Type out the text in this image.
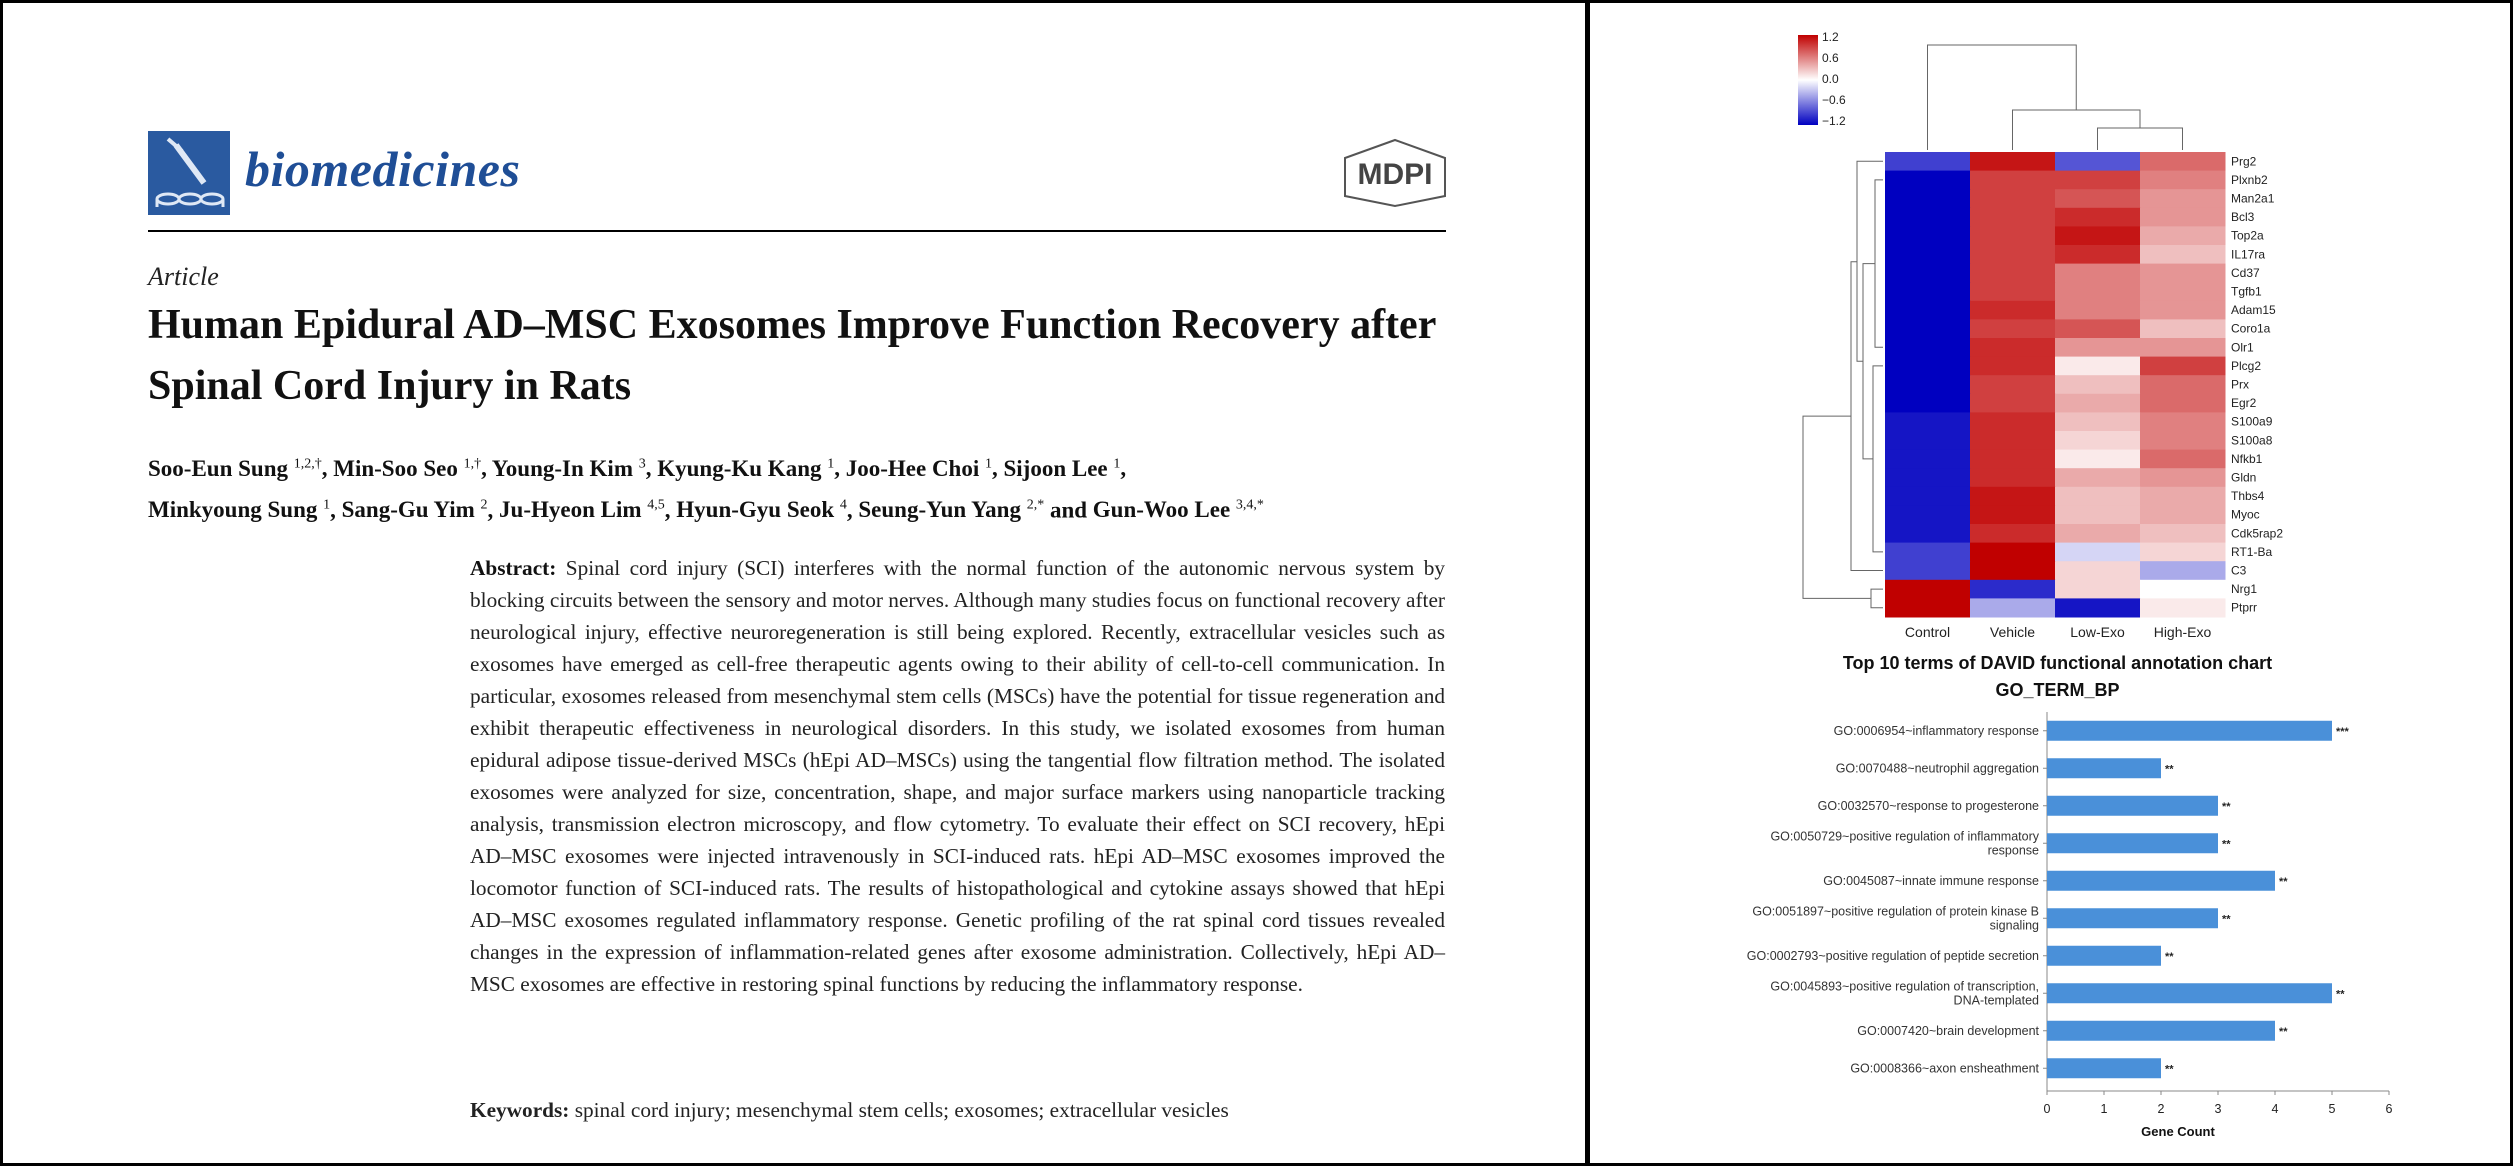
biomedicines	MDPI
Article
Human Epidural AD–MSC Exosomes Improve Function Recovery after Spinal Cord Injury in Rats
Soo-Eun Sung $^{1,2,\dagger}$, Min-Soo Seo $^{1,\dagger}$, Young-In Kim $^3$, Kyung-Ku Kang $^1$, Joo-Hee Choi $^1$, Sijoon Lee $^1$,
Minkyoung Sung $^1$, Sang-Gu Yim $^2$, Ju-Hyeon Lim $^{4,5}$, Hyun-Gyu Seok $^4$, Seung-Yun Yang $^{2,*}$ and Gun-Woo Lee $^{3,4,*}$
Abstract: Spinal cord injury (SCI) interferes with the normal function of the autonomic nervous system by blocking circuits between the sensory and motor nerves. Although many studies focus on functional recovery after neurological injury, effective neuroregeneration is still being explored. Recently, extracellular vesicles such as exosomes have emerged as cell-free therapeutic agents owing to their ability of cell-to-cell communication. In particular, exosomes released from mesenchymal stem cells (MSCs) have the potential for tissue regeneration and exhibit therapeutic effectiveness in neurological disorders. In this study, we isolated exosomes from human epidural adipose tissue-derived MSCs (hEpi AD–MSCs) using the tangential flow filtration method. The isolated exosomes were analyzed for size, concentration, shape, and major surface markers using nanoparticle tracking analysis, transmission electron microscopy, and flow cytometry. To evaluate their effect on SCI recovery, hEpi AD–MSC exosomes were injected intravenously in SCI-induced rats. hEpi AD–MSC exosomes improved the locomotor function of SCI-induced rats. The results of histopathological and cytokine assays showed that hEpi AD–MSC exosomes regulated inflammatory response. Genetic profiling of the rat spinal cord tissues revealed changes in the expression of inflammation-related genes after exosome administration. Collectively, hEpi AD–MSC exosomes are effective in restoring spinal functions by reducing the inflammatory response.
Keywords: spinal cord injury; mesenchymal stem cells; exosomes; extracellular vesicles
1.2
0.6
0.0
−0.6
−1.2
Prg2
Plxnb2
Man2a1
Bcl3
Top2a
IL17ra
Cd37
Tgfb1
Adam15
Coro1a
Olr1
Plcg2
Prx
Egr2
S100a9
S100a8
Nfkb1
Gldn
Thbs4
Myoc
Cdk5rap2
RT1-Ba
C3
Nrg1
Ptprr
Control	Vehicle	Low-Exo High-Exo
Top 10 terms of DAVID functional annotation chart
GO_TERM_BP
***
GO:0006954~inflammatory response
**
GO:0070488~neutrophil aggregation
**
GO:0032570~response to progesterone
**
GO:0050729~positive regulation of inflammatory response
**
GO:0045087~innate immune response
**
GO:0051897~positive regulation of protein kinase B signaling
**
GO:0002793~positive regulation of peptide secretion
**
GO:0045893~positive regulation of transcription, DNA-templated
**
GO:0007420~brain development
**
GO:0008366~axon ensheathment
0	1	2	3	4	5	6
Gene Count
